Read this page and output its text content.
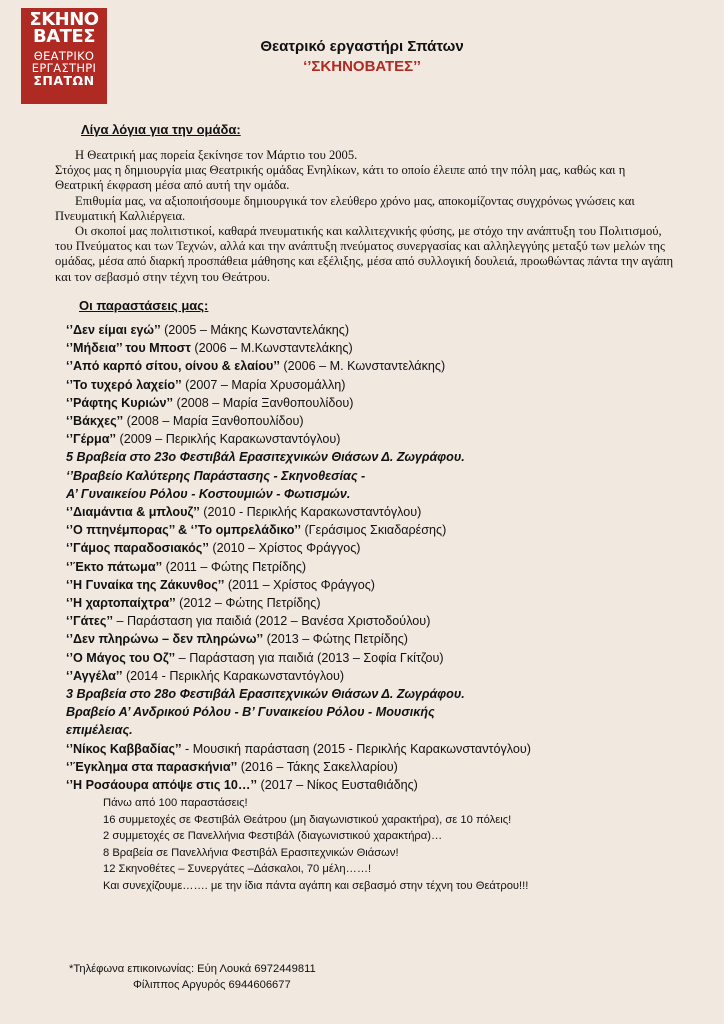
ΣΚΗΝΟ
ΒΑΤΕΣ
ΘΕΑΤΡΙΚΟ
ΕΡΓΑΣΤΗΡΙ
ΣΠΑΤΩΝ
Θεατρικό εργαστήρι Σπάτων
‘’ΣΚΗΝΟΒΑΤΕΣ’’
Λίγα λόγια για την ομάδα:

Η Θεατρική μας πορεία ξεκίνησε τον Μάρτιο του 2005.

Στόχος μας η δημιουργία μιας Θεατρικής ομάδας Ενηλίκων, κάτι το οποίο έλειπε από την πόλη μας, καθώς και η Θεατρική έκφραση μέσα από αυτή την ομάδα.

Επιθυμία μας, να αξιοποιήσουμε δημιουργικά τον ελεύθερο χρόνο μας, αποκομίζοντας συγχρόνως γνώσεις και Πνευματική Καλλιέργεια.

Οι σκοποί μας πολιτιστικοί, καθαρά πνευματικής και καλλιτεχνικής φύσης, με στόχο την ανάπτυξη του Πολιτισμού, του Πνεύματος και των Τεχνών, αλλά και την ανάπτυξη πνεύματος συνεργασίας και αλληλεγγύης μεταξύ των μελών της ομάδας, μέσα από διαρκή προσπάθεια μάθησης και εξέλιξης, μέσα από συλλογική δουλειά, προωθώντας πάντα την αγάπη και τον σεβασμό στην τέχνη του Θεάτρου.

Οι παραστάσεις μας:
‘’Δεν είμαι εγώ’’ (2005 – Μάκης Κωνσταντελάκης)
‘’Μήδεια’’ του Μποστ (2006 – Μ.Κωνσταντελάκης)
‘’Από καρπό σίτου, οίνου & ελαίου’’ (2006 – Μ. Κωνσταντελάκης)
‘’Το τυχερό λαχείο’’ (2007 – Μαρία Χρυσομάλλη)
‘’Ράφτης Κυριών’’ (2008 – Μαρία Ξανθοπουλίδου)
‘’Βάκχες’’ (2008 – Μαρία Ξανθοπουλίδου)
‘’Γέρμα’’ (2009 – Περικλής Καρακωνσταντόγλου)
5 Βραβεία στο 23ο Φεστιβάλ Ερασιτεχνικών Θιάσων Δ. Ζωγράφου.
‘’Βραβείο Καλύτερης Παράστασης - Σκηνοθεσίας -
Α’ Γυναικείου Ρόλου - Κοστουμιών - Φωτισμών.
‘’Διαμάντια & μπλουζ’’ (2010 - Περικλής Καρακωνσταντόγλου)
‘’Ο πτηνέμπορας’’ & ‘’Το ομπρελάδικο’’ (Γεράσιμος Σκιαδαρέσης)
‘’Γάμος παραδοσιακός’’ (2010 – Χρίστος Φράγγος)
‘’Έκτο πάτωμα’’ (2011 – Φώτης Πετρίδης)
‘’Η Γυναίκα της Ζάκυνθος’’ (2011 – Χρίστος Φράγγος)
‘’Η χαρτοπαίχτρα’’ (2012 – Φώτης Πετρίδης)
‘’Γάτες’’ – Παράσταση για παιδιά (2012 – Βανέσα Χριστοδούλου)
‘’Δεν πληρώνω – δεν πληρώνω’’ (2013 – Φώτης Πετρίδης)
‘’Ο Μάγος του Οζ’’ – Παράσταση για παιδιά (2013 – Σοφία Γκίτζου)
‘’Αγγέλα’’ (2014 - Περικλής Καρακωνσταντόγλου)
3 Βραβεία στο 28ο Φεστιβάλ Ερασιτεχνικών Θιάσων Δ. Ζωγράφου.
Βραβείο Α’ Ανδρικού Ρόλου - Β’ Γυναικείου Ρόλου - Μουσικής
επιμέλειας.
‘’Νίκος Καββαδίας’’ - Μουσική παράσταση (2015 - Περικλής Καρακωνσταντόγλου)
‘’Έγκλημα στα παρασκήνια’’ (2016 – Τάκης Σακελλαρίου)
‘’Η Ροσάουρα απόψε στις 10…’’ (2017 – Νίκος Ευσταθιάδης)
Πάνω από 100 παραστάσεις!
16 συμμετοχές σε Φεστιβάλ Θεάτρου (μη διαγωνιστικού χαρακτήρα), σε 10 πόλεις!
2 συμμετοχές σε Πανελλήνια Φεστιβάλ (διαγωνιστικού χαρακτήρα)…
8 Βραβεία σε Πανελλήνια Φεστιβάλ Ερασιτεχνικών Θιάσων!
12 Σκηνοθέτες – Συνεργάτες –Δάσκαλοι, 70 μέλη……!
Και συνεχίζουμε……. με την ίδια πάντα αγάπη και σεβασμό στην τέχνη του Θεάτρου!!!
*Τηλέφωνα επικοινωνίας: Εύη Λουκά 6972449811
Φίλιππος Αργυρός 6944606677
